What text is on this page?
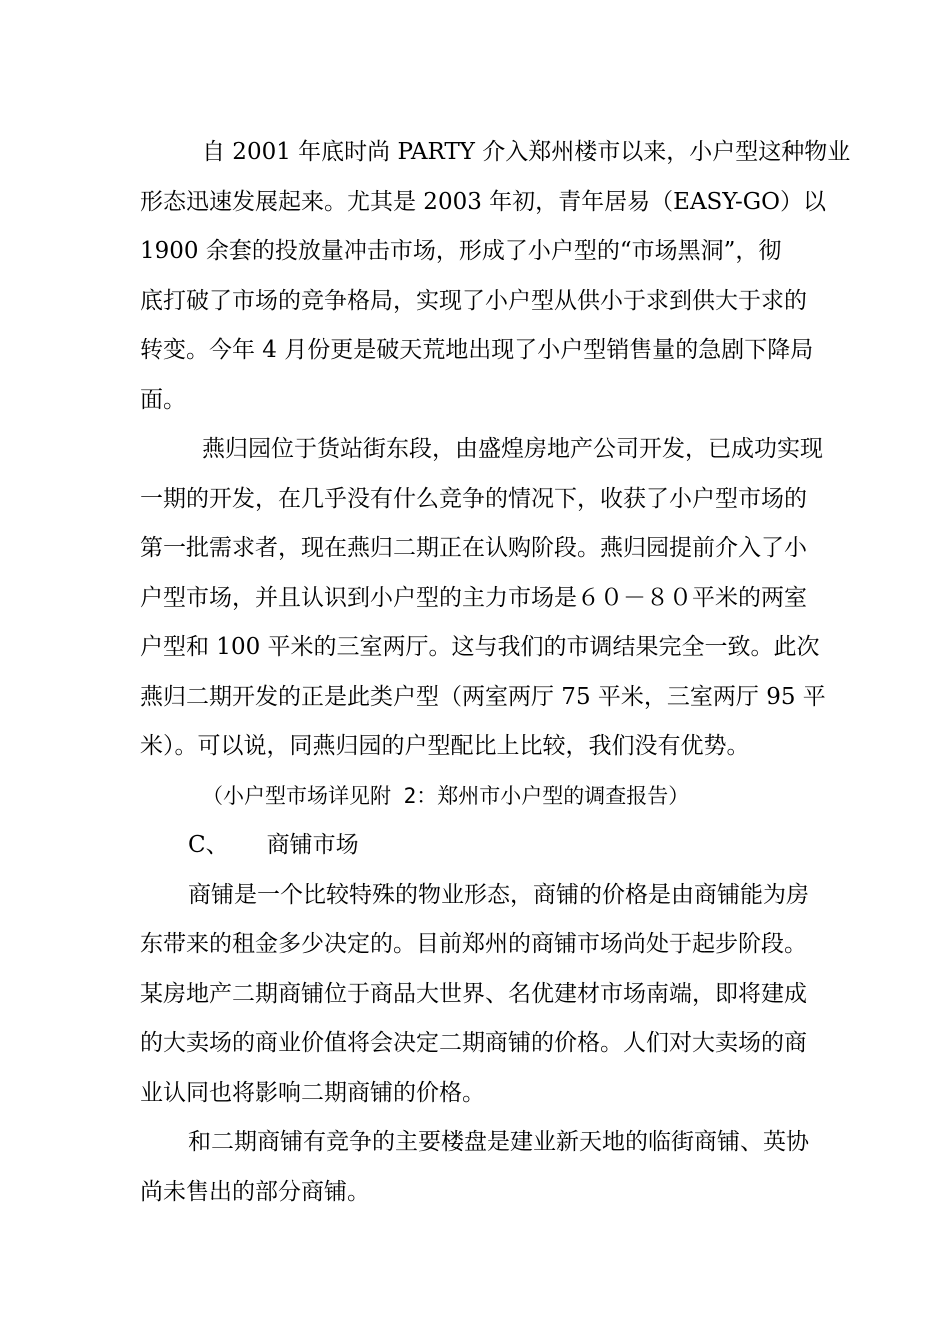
自 2001 年底时尚 PARTY 介入郑州楼市以来，小户型这种物业
形态迅速发展起来。尤其是 2003 年初，青年居易（EASY-GO）以
1900 余套的投放量冲击市场，形成了小户型的“市场黑洞”，彻
底打破了市场的竞争格局，实现了小户型从供小于求到供大于求的
转变。今年 4 月份更是破天荒地出现了小户型销售量的急剧下降局
面。
燕归园位于货站街东段，由盛煌房地产公司开发，已成功实现
一期的开发，在几乎没有什么竞争的情况下，收获了小户型市场的
第一批需求者，现在燕归二期正在认购阶段。燕归园提前介入了小
户型市场，并且认识到小户型的主力市场是６０－８０平米的两室
户型和 100 平米的三室两厅。这与我们的市调结果完全一致。此次
燕归二期开发的正是此类户型（两室两厅 75 平米，三室两厅 95 平
米）。可以说，同燕归园的户型配比上比较，我们没有优势。

（小户型市场详见附 2：郑州市小户型的调查报告）

C、 商铺市场

商铺是一个比较特殊的物业形态，商铺的价格是由商铺能为房
东带来的租金多少决定的。目前郑州的商铺市场尚处于起步阶段。
某房地产二期商铺位于商品大世界、名优建材市场南端，即将建成
的大卖场的商业价值将会决定二期商铺的价格。人们对大卖场的商
业认同也将影响二期商铺的价格。
和二期商铺有竞争的主要楼盘是建业新天地的临街商铺、英协
尚未售出的部分商铺。
